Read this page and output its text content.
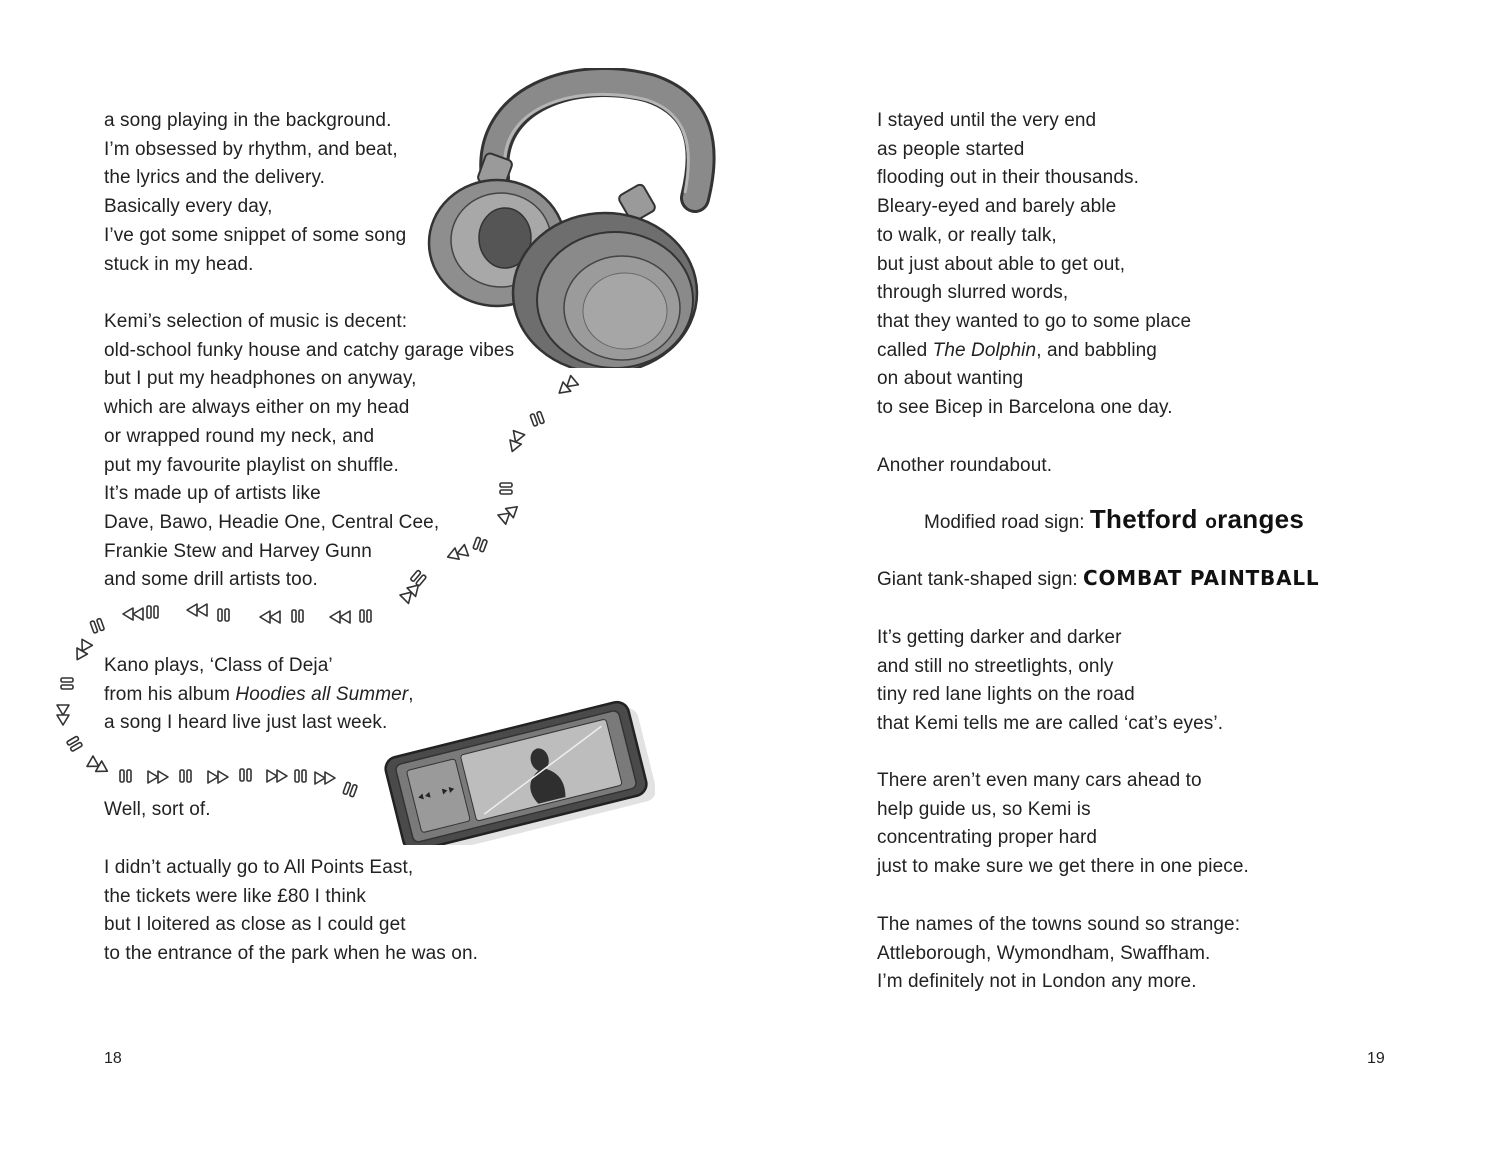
a song playing in the background.
I’m obsessed by rhythm, and beat,
the lyrics and the delivery.
Basically every day,
I’ve got some snippet of some song
stuck in my head.
Kemi’s selection of music is decent:
old-school funky house and catchy garage vibes
but I put my headphones on anyway,
which are always either on my head
or wrapped round my neck, and
put my favourite playlist on shuffle.
It’s made up of artists like
Dave, Bawo, Headie One, Central Cee,
Frankie Stew and Harvey Gunn
and some drill artists too.
Kano plays, ‘Class of Deja’
from his album Hoodies all Summer,
a song I heard live just last week.
Well, sort of.
I didn’t actually go to All Points East,
the tickets were like £80 I think
but I loitered as close as I could get
to the entrance of the park when he was on.
18
I stayed until the very end
as people started
flooding out in their thousands.
Bleary-eyed and barely able
to walk, or really talk,
but just about able to get out,
through slurred words,
that they wanted to go to some place
called The Dolphin, and babbling
on about wanting
to see Bicep in Barcelona one day.
Another roundabout.
Modified road sign: Thetford oranges
Giant tank-shaped sign: COMBAT PAINTBALL
It’s getting darker and darker
and still no streetlights, only
tiny red lane lights on the road
that Kemi tells me are called ‘cat’s eyes’.
There aren’t even many cars ahead to
help guide us, so Kemi is
concentrating proper hard
just to make sure we get there in one piece.
The names of the towns sound so strange:
Attleborough, Wymondham, Swaffham.
I’m definitely not in London any more.
19
